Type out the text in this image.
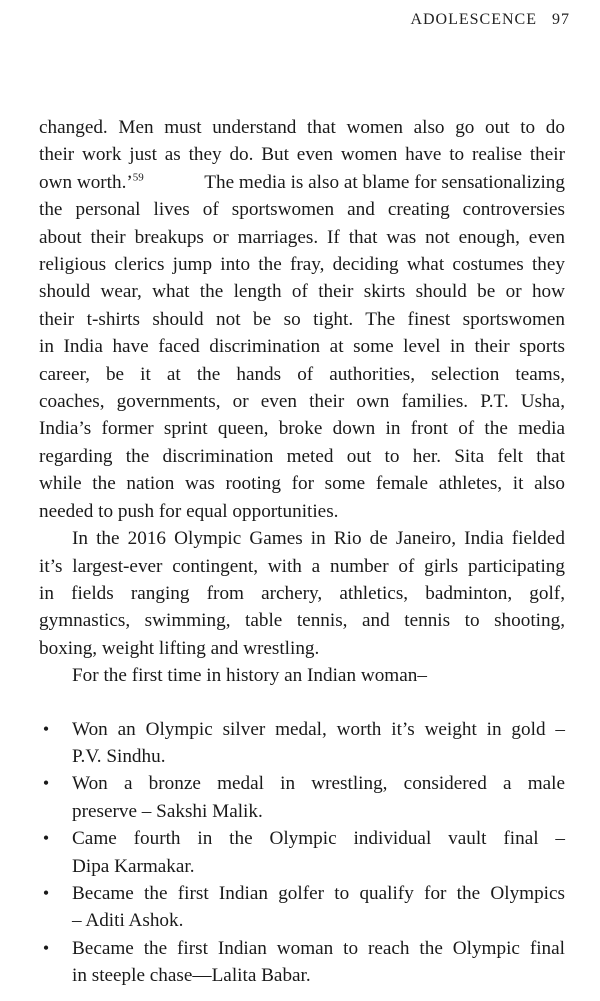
ADOLESCENCE 97
changed. Men must understand that women also go out to do
their work just as they do. But even women have to realise their
own worth.’$^{59}$	The media is also at blame for sensationalizing
the personal lives of sportswomen and creating controversies
about their breakups or marriages. If that was not enough, even
religious clerics jump into the fray, deciding what costumes they
should wear, what the length of their skirts should be or how
their t-shirts should not be so tight. The finest sportswomen
in India have faced discrimination at some level in their sports
career, be it at the hands of authorities, selection teams,
coaches, governments, or even their own families. P.T. Usha,
India’s former sprint queen, broke down in front of the media
regarding the discrimination meted out to her. Sita felt that
while the nation was rooting for some female athletes, it also
needed to push for equal opportunities.
In the 2016 Olympic Games in Rio de Janeiro, India fielded
it’s largest-ever contingent, with a number of girls participating
in fields ranging from archery, athletics, badminton, golf,
gymnastics, swimming, table tennis, and tennis to shooting,
boxing, weight lifting and wrestling.
For the first time in history an Indian woman–
• Won an Olympic silver medal, worth it’s weight in gold –
P.V. Sindhu.
• Won a bronze medal in wrestling, considered a male
preserve – Sakshi Malik.
• Came fourth in the Olympic individual vault final –
Dipa Karmakar.
• Became the first Indian golfer to qualify for the Olympics
– Aditi Ashok.
• Became the first Indian woman to reach the Olympic final
in steeple chase—Lalita Babar.
